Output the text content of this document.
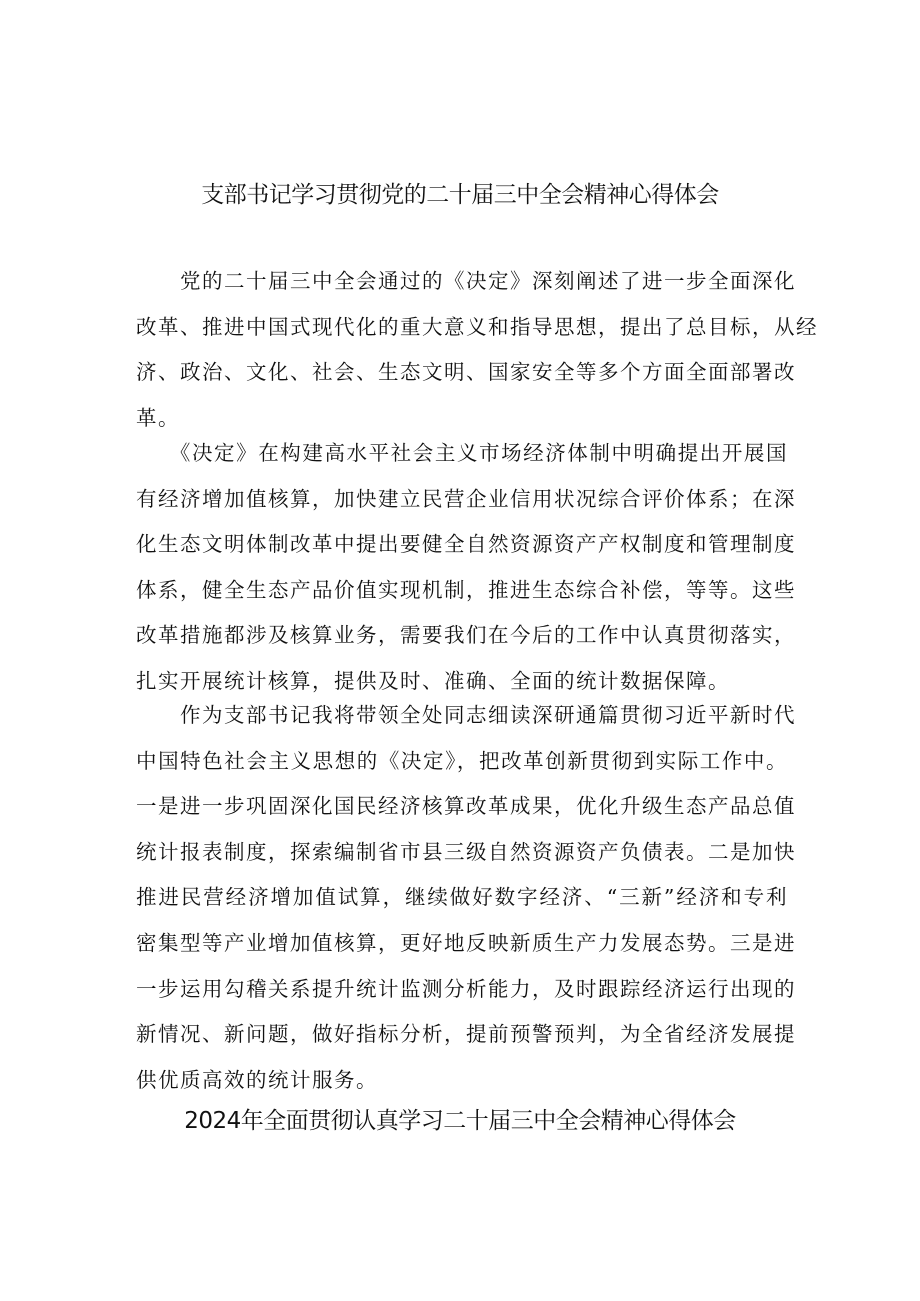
支部书记学习贯彻党的二十届三中全会精神心得体会
　　党的二十届三中全会通过的《决定》深刻阐述了进一步全面深化
改革、推进中国式现代化的重大意义和指导思想，提出了总目标，从经
济、政治、文化、社会、生态文明、国家安全等多个方面全面部署改
革。
　　《决定》在构建高水平社会主义市场经济体制中明确提出开展国
有经济增加值核算，加快建立民营企业信用状况综合评价体系；在深
化生态文明体制改革中提出要健全自然资源资产产权制度和管理制度
体系，健全生态产品价值实现机制，推进生态综合补偿，等等。这些
改革措施都涉及核算业务，需要我们在今后的工作中认真贯彻落实，
扎实开展统计核算，提供及时、准确、全面的统计数据保障。
　　作为支部书记我将带领全处同志细读深研通篇贯彻习近平新时代
中国特色社会主义思想的《决定》，把改革创新贯彻到实际工作中。
一是进一步巩固深化国民经济核算改革成果，优化升级生态产品总值
统计报表制度，探索编制省市县三级自然资源资产负债表。二是加快
推进民营经济增加值试算，继续做好数字经济、“三新”经济和专利
密集型等产业增加值核算，更好地反映新质生产力发展态势。三是进
一步运用勾稽关系提升统计监测分析能力，及时跟踪经济运行出现的
新情况、新问题，做好指标分析，提前预警预判，为全省经济发展提
供优质高效的统计服务。
2024年全面贯彻认真学习二十届三中全会精神心得体会
